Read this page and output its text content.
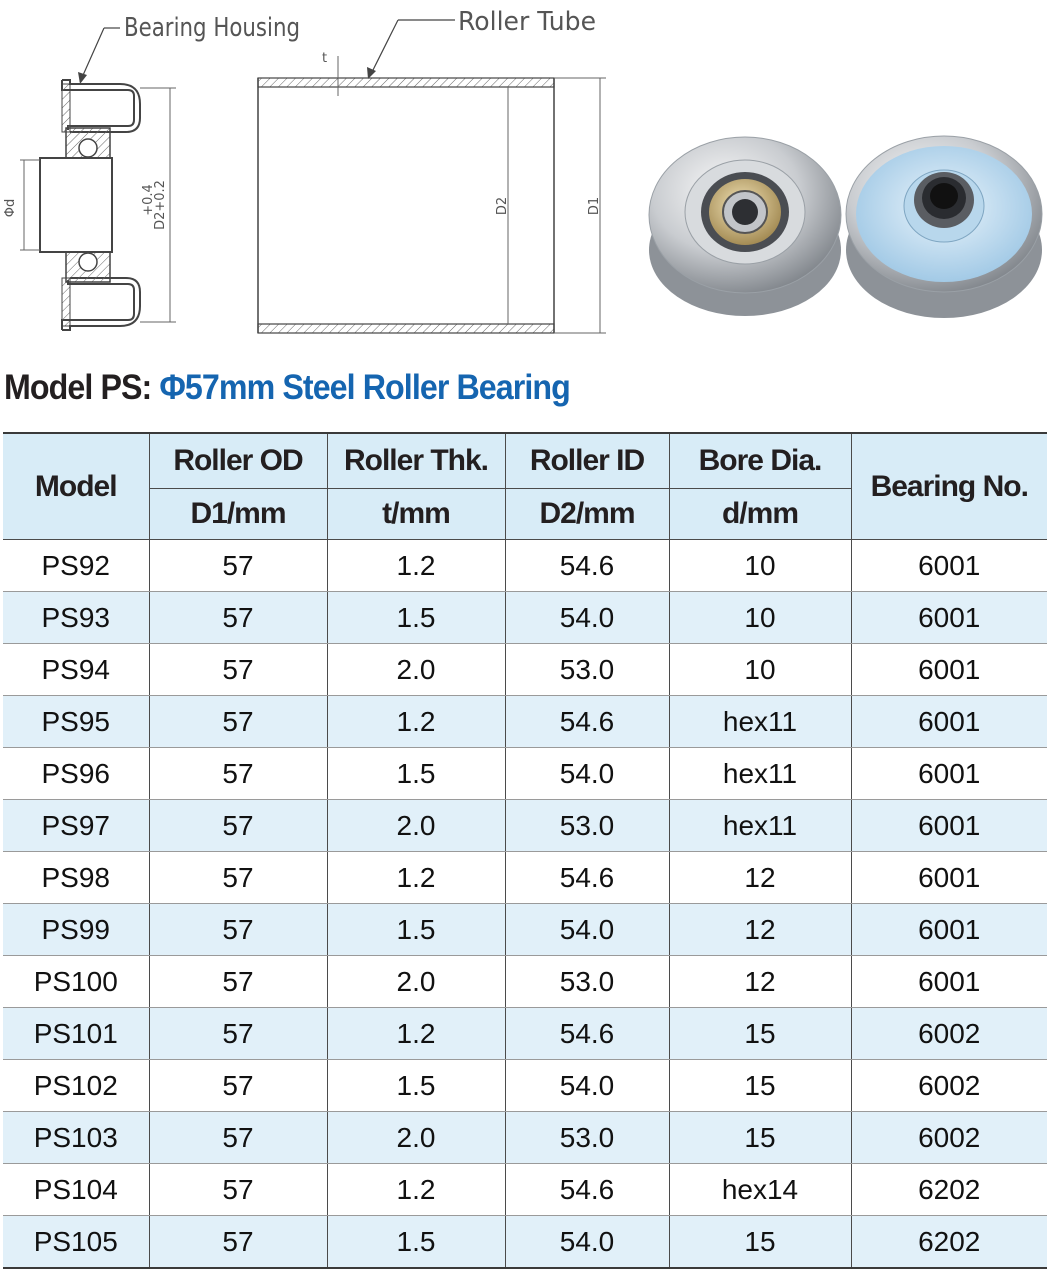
Φd	D2+0.2
+0.4
Bearing Housing
t
D2	D1
Roller Tube
Model PS: Φ57mm Steel Roller Bearing
Model	Roller OD	Roller Thk.	Roller ID	Bore Dia.	Bearing No.
	D1/mm	t/mm	D2/mm	d/mm	
PS92	57	1.2	54.6	10	6001
PS93	57	1.5	54.0	10	6001
PS94	57	2.0	53.0	10	6001
PS95	57	1.2	54.6	hex11	6001
PS96	57	1.5	54.0	hex11	6001
PS97	57	2.0	53.0	hex11	6001
PS98	57	1.2	54.6	12	6001
PS99	57	1.5	54.0	12	6001
PS100	57	2.0	53.0	12	6001
PS101	57	1.2	54.6	15	6002
PS102	57	1.5	54.0	15	6002
PS103	57	2.0	53.0	15	6002
PS104	57	1.2	54.6	hex14	6202
PS105	57	1.5	54.0	15	6202
